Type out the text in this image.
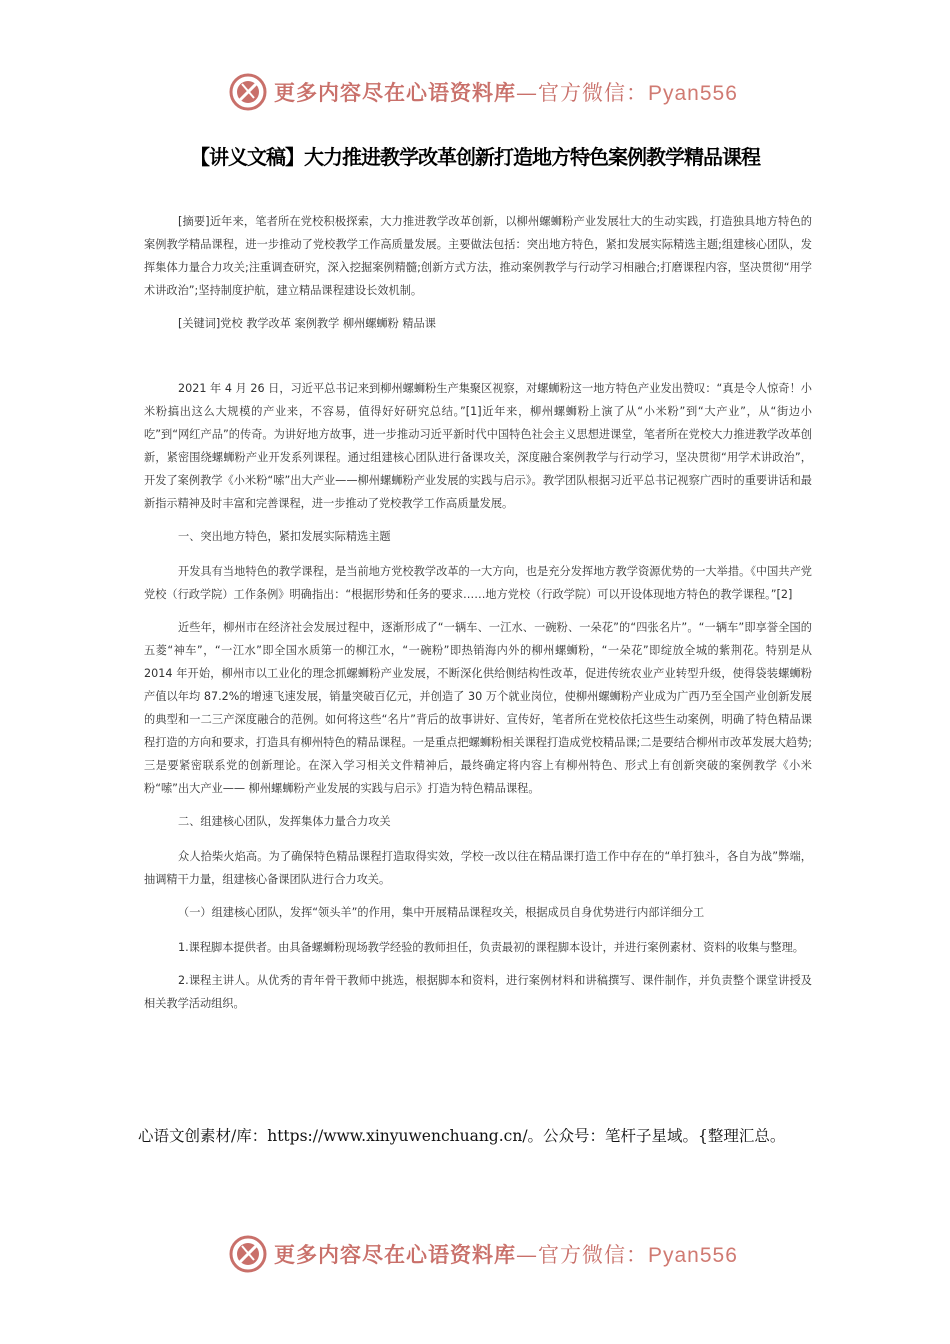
更多内容尽在心语资料库—官方微信：Pyan556
【讲义文稿】大力推进教学改革创新打造地方特色案例教学精品课程

[摘要]近年来，笔者所在党校积极探索，大力推进教学改革创新，以柳州螺蛳粉产业发展壮大的生动实践，打造独具地方特色的案例教学精品课程，进一步推动了党校教学工作高质量发展。主要做法包括：突出地方特色，紧扣发展实际精选主题;组建核心团队，发挥集体力量合力攻关;注重调查研究，深入挖掘案例精髓;创新方式方法，推动案例教学与行动学习相融合;打磨课程内容，坚决贯彻“用学术讲政治”;坚持制度护航，建立精品课程建设长效机制。

[关键词]党校 教学改革 案例教学 柳州螺蛳粉 精品课

2021 年 4 月 26 日，习近平总书记来到柳州螺蛳粉生产集聚区视察，对螺蛳粉这一地方特色产业发出赞叹：“真是令人惊奇！小米粉搞出这么大规模的产业来，不容易，值得好好研究总结。”[1]近年来，柳州螺蛳粉上演了从“小米粉”到“大产业”，从“街边小吃”到“网红产品”的传奇。为讲好地方故事，进一步推动习近平新时代中国特色社会主义思想进课堂，笔者所在党校大力推进教学改革创新，紧密围绕螺蛳粉产业开发系列课程。通过组建核心团队进行备课攻关，深度融合案例教学与行动学习，坚决贯彻“用学术讲政治”，开发了案例教学《小米粉“嗦”出大产业——柳州螺蛳粉产业发展的实践与启示》。教学团队根据习近平总书记视察广西时的重要讲话和最新指示精神及时丰富和完善课程，进一步推动了党校教学工作高质量发展。

一、突出地方特色，紧扣发展实际精选主题

开发具有当地特色的教学课程，是当前地方党校教学改革的一大方向，也是充分发挥地方教学资源优势的一大举措。《中国共产党党校（行政学院）工作条例》明确指出：“根据形势和任务的要求……地方党校（行政学院）可以开设体现地方特色的教学课程。”[2]

近些年，柳州市在经济社会发展过程中，逐渐形成了“一辆车、一江水、一碗粉、一朵花”的“四张名片”。“一辆车”即享誉全国的五菱“神车”，“一江水”即全国水质第一的柳江水，“一碗粉”即热销海内外的柳州螺蛳粉，“一朵花”即绽放全城的紫荆花。特别是从 2014 年开始，柳州市以工业化的理念抓螺蛳粉产业发展，不断深化供给侧结构性改革，促进传统农业产业转型升级，使得袋装螺蛳粉产值以年均 87.2%的增速飞速发展，销量突破百亿元，并创造了 30 万个就业岗位，使柳州螺蛳粉产业成为广西乃至全国产业创新发展的典型和一二三产深度融合的范例。如何将这些“名片”背后的故事讲好、宣传好，笔者所在党校依托这些生动案例，明确了特色精品课程打造的方向和要求，打造具有柳州特色的精品课程。一是重点把螺蛳粉相关课程打造成党校精品课;二是要结合柳州市改革发展大趋势;三是要紧密联系党的创新理论。在深入学习相关文件精神后，最终确定将内容上有柳州特色、形式上有创新突破的案例教学《小米粉“嗦”出大产业—— 柳州螺蛳粉产业发展的实践与启示》打造为特色精品课程。

二、组建核心团队，发挥集体力量合力攻关

众人拾柴火焰高。为了确保特色精品课程打造取得实效，学校一改以往在精品课打造工作中存在的“单打独斗，各自为战”弊端，抽调精干力量，组建核心备课团队进行合力攻关。

（一）组建核心团队，发挥“领头羊”的作用，集中开展精品课程攻关，根据成员自身优势进行内部详细分工

1.课程脚本提供者。由具备螺蛳粉现场教学经验的教师担任，负责最初的课程脚本设计，并进行案例素材、资料的收集与整理。

2.课程主讲人。从优秀的青年骨干教师中挑选，根据脚本和资料，进行案例材料和讲稿撰写、课件制作，并负责整个课堂讲授及相关教学活动组织。

心语文创素材/库：https://www.xinyuwenchuang.cn/。公众号：笔杆子星域。{整理汇总。
更多内容尽在心语资料库—官方微信：Pyan556
